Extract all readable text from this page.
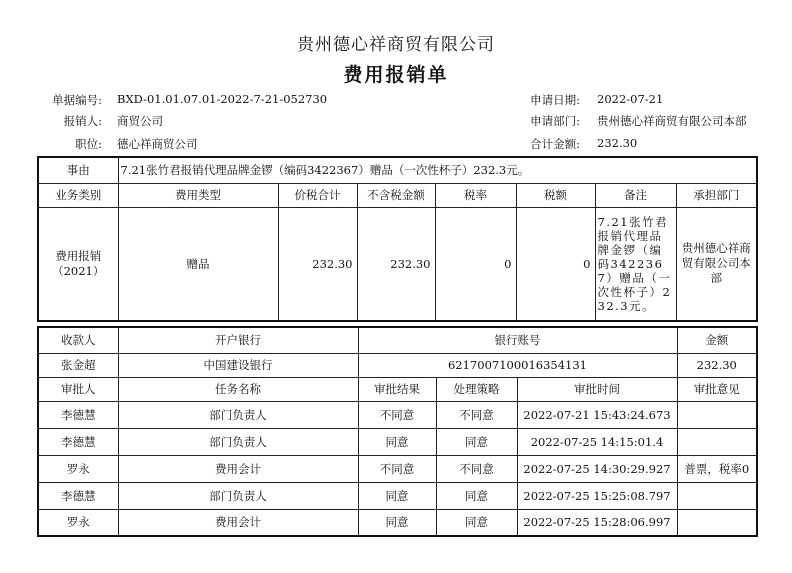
贵州德心祥商贸有限公司
费用报销单
单据编号: BXD-01.01.07.01-2022-7-21-052730
报销人: 商贸公司
职位: 德心祥商贸公司
申请日期: 2022-07-21
申请部门: 贵州德心祥商贸有限公司本部
合计金额: 232.30
事由	7.21张竹君报销代理品牌金锣（编码3422367）赠品（一次性杯子）232.3元。						
业务类别	费用类型	价税合计	不含税金额	税率	税额	备注	承担部门
费用报销（2021）	赠品	232.30	232.30	0	0	7.21张竹君报销代理品牌金锣（编码3422367）赠品（一次性杯子）232.3元。	贵州德心祥商贸有限公司本部
收款人	开户银行	银行账号			金额
张金超	中国建设银行	6217007100016354131			232.30
审批人	任务名称	审批结果	处理策略	审批时间	审批意见
李德慧	部门负责人	不同意	不同意	2022-07-21 15:43:24.673	
李德慧	部门负责人	同意	同意	2022-07-25 14:15:01.4	
罗永	费用会计	不同意	不同意	2022-07-25 14:30:29.927	普票，税率0
李德慧	部门负责人	同意	同意	2022-07-25 15:25:08.797	
罗永	费用会计	同意	同意	2022-07-25 15:28:06.997	
